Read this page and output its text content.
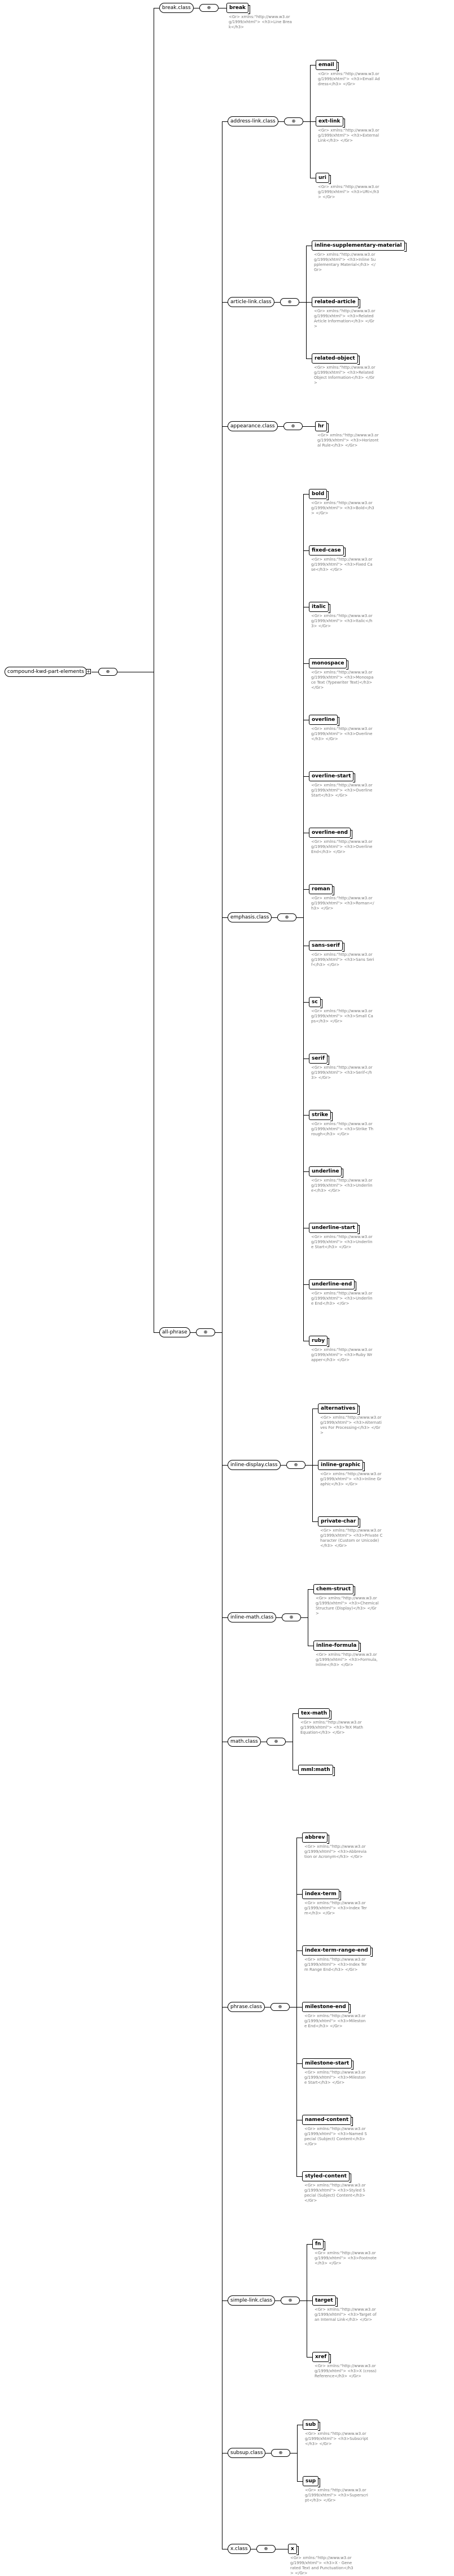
compound-kwd-part-elements +	⊕
break.class	⊕	break
<Gr> xmlns:"http://www.w3.org/1999/xhtml"> <h3>Line Break</h3>
all-phrase	⊕
address-link.class	⊕
email
<Gr> xmlns:"http://www.w3.org/1999/xhtml"> <h3>Email Address</h3> </Gr>
ext-link
<Gr> xmlns:"http://www.w3.org/1999/xhtml"> <h3>External Link</h3> </Gr>
uri
<Gr> xmlns:"http://www.w3.org/1999/xhtml"> <h3>URI</h3> </Gr>
article-link.class	⊕
inline-supplementary-material
<Gr> xmlns:"http://www.w3.org/1999/xhtml"> <h3>Inline Supplementary Material</h3> </Gr>
related-article
<Gr> xmlns:"http://www.w3.org/1999/xhtml"> <h3>Related Article Information</h3> </Gr>
related-object
<Gr> xmlns:"http://www.w3.org/1999/xhtml"> <h3>Related Object Information</h3> </Gr>
appearance.class	⊕	hr
<Gr> xmlns:"http://www.w3.org/1999/xhtml"> <h3>Horizontal Rule</h3> </Gr>
emphasis.class	⊕
bold
<Gr> xmlns:"http://www.w3.org/1999/xhtml"> <h3>Bold</h3> </Gr>
fixed-case
<Gr> xmlns:"http://www.w3.org/1999/xhtml"> <h3>Fixed Case</h3> </Gr>
italic
<Gr> xmlns:"http://www.w3.org/1999/xhtml"> <h3>Italic</h3> </Gr>
monospace
<Gr> xmlns:"http://www.w3.org/1999/xhtml"> <h3>Monospace Text (Typewriter Text)</h3> </Gr>
overline
<Gr> xmlns:"http://www.w3.org/1999/xhtml"> <h3>Overline</h3> </Gr>
overline-start
<Gr> xmlns:"http://www.w3.org/1999/xhtml"> <h3>Overline Start</h3> </Gr>
overline-end
<Gr> xmlns:"http://www.w3.org/1999/xhtml"> <h3>Overline End</h3> </Gr>
roman
<Gr> xmlns:"http://www.w3.org/1999/xhtml"> <h3>Roman</h3> </Gr>
sans-serif
<Gr> xmlns:"http://www.w3.org/1999/xhtml"> <h3>Sans Serif</h3> </Gr>
sc
<Gr> xmlns:"http://www.w3.org/1999/xhtml"> <h3>Small Caps</h3> </Gr>
serif
<Gr> xmlns:"http://www.w3.org/1999/xhtml"> <h3>Serif</h3> </Gr>
strike
<Gr> xmlns:"http://www.w3.org/1999/xhtml"> <h3>Strike Through</h3> </Gr>
underline
<Gr> xmlns:"http://www.w3.org/1999/xhtml"> <h3>Underline</h3> </Gr>
underline-start
<Gr> xmlns:"http://www.w3.org/1999/xhtml"> <h3>Underline Start</h3> </Gr>
underline-end
<Gr> xmlns:"http://www.w3.org/1999/xhtml"> <h3>Underline End</h3> </Gr>
ruby
<Gr> xmlns:"http://www.w3.org/1999/xhtml"> <h3>Ruby Wrapper</h3> </Gr>
inline-display.class	⊕
alternatives
<Gr> xmlns:"http://www.w3.org/1999/xhtml"> <h3>Alternatives For Processing</h3> </Gr>
inline-graphic
<Gr> xmlns:"http://www.w3.org/1999/xhtml"> <h3>Inline Graphic</h3> </Gr>
private-char
<Gr> xmlns:"http://www.w3.org/1999/xhtml"> <h3>Private Character (Custom or Unicode)</h3> </Gr>
inline-math.class	⊕
chem-struct
<Gr> xmlns:"http://www.w3.org/1999/xhtml"> <h3>Chemical Structure (Display)</h3> </Gr>
inline-formula
<Gr> xmlns:"http://www.w3.org/1999/xhtml"> <h3>Formula, Inline</h3> </Gr>
math.class	⊕
tex-math
<Gr> xmlns:"http://www.w3.org/1999/xhtml"> <h3>TeX Math Equation</h3> </Gr>
mml:math
phrase.class	⊕
abbrev
<Gr> xmlns:"http://www.w3.org/1999/xhtml"> <h3>Abbreviation or Acronym</h3> </Gr>
index-term
<Gr> xmlns:"http://www.w3.org/1999/xhtml"> <h3>Index Term</h3> </Gr>
index-term-range-end
<Gr> xmlns:"http://www.w3.org/1999/xhtml"> <h3>Index Term Range End</h3> </Gr>
milestone-end
<Gr> xmlns:"http://www.w3.org/1999/xhtml"> <h3>Milestone End</h3> </Gr>
milestone-start
<Gr> xmlns:"http://www.w3.org/1999/xhtml"> <h3>Milestone Start</h3> </Gr>
named-content
<Gr> xmlns:"http://www.w3.org/1999/xhtml"> <h3>Named Special (Subject) Content</h3> </Gr>
styled-content
<Gr> xmlns:"http://www.w3.org/1999/xhtml"> <h3>Styled Special (Subject) Content</h3> </Gr>
simple-link.class	⊕
fn
<Gr> xmlns:"http://www.w3.org/1999/xhtml"> <h3>Footnote</h3> </Gr>
target
<Gr> xmlns:"http://www.w3.org/1999/xhtml"> <h3>Target of an Internal Link</h3> </Gr>
xref
<Gr> xmlns:"http://www.w3.org/1999/xhtml"> <h3>X (cross) Reference</h3> </Gr>
subsup.class	⊕
sub
<Gr> xmlns:"http://www.w3.org/1999/xhtml"> <h3>Subscript</h3> </Gr>
sup
<Gr> xmlns:"http://www.w3.org/1999/xhtml"> <h3>Superscript</h3> </Gr>
x.class	⊕	x
<Gr> xmlns:"http://www.w3.org/1999/xhtml"> <h3>X - Generated Text and Punctuation</h3> </Gr>
